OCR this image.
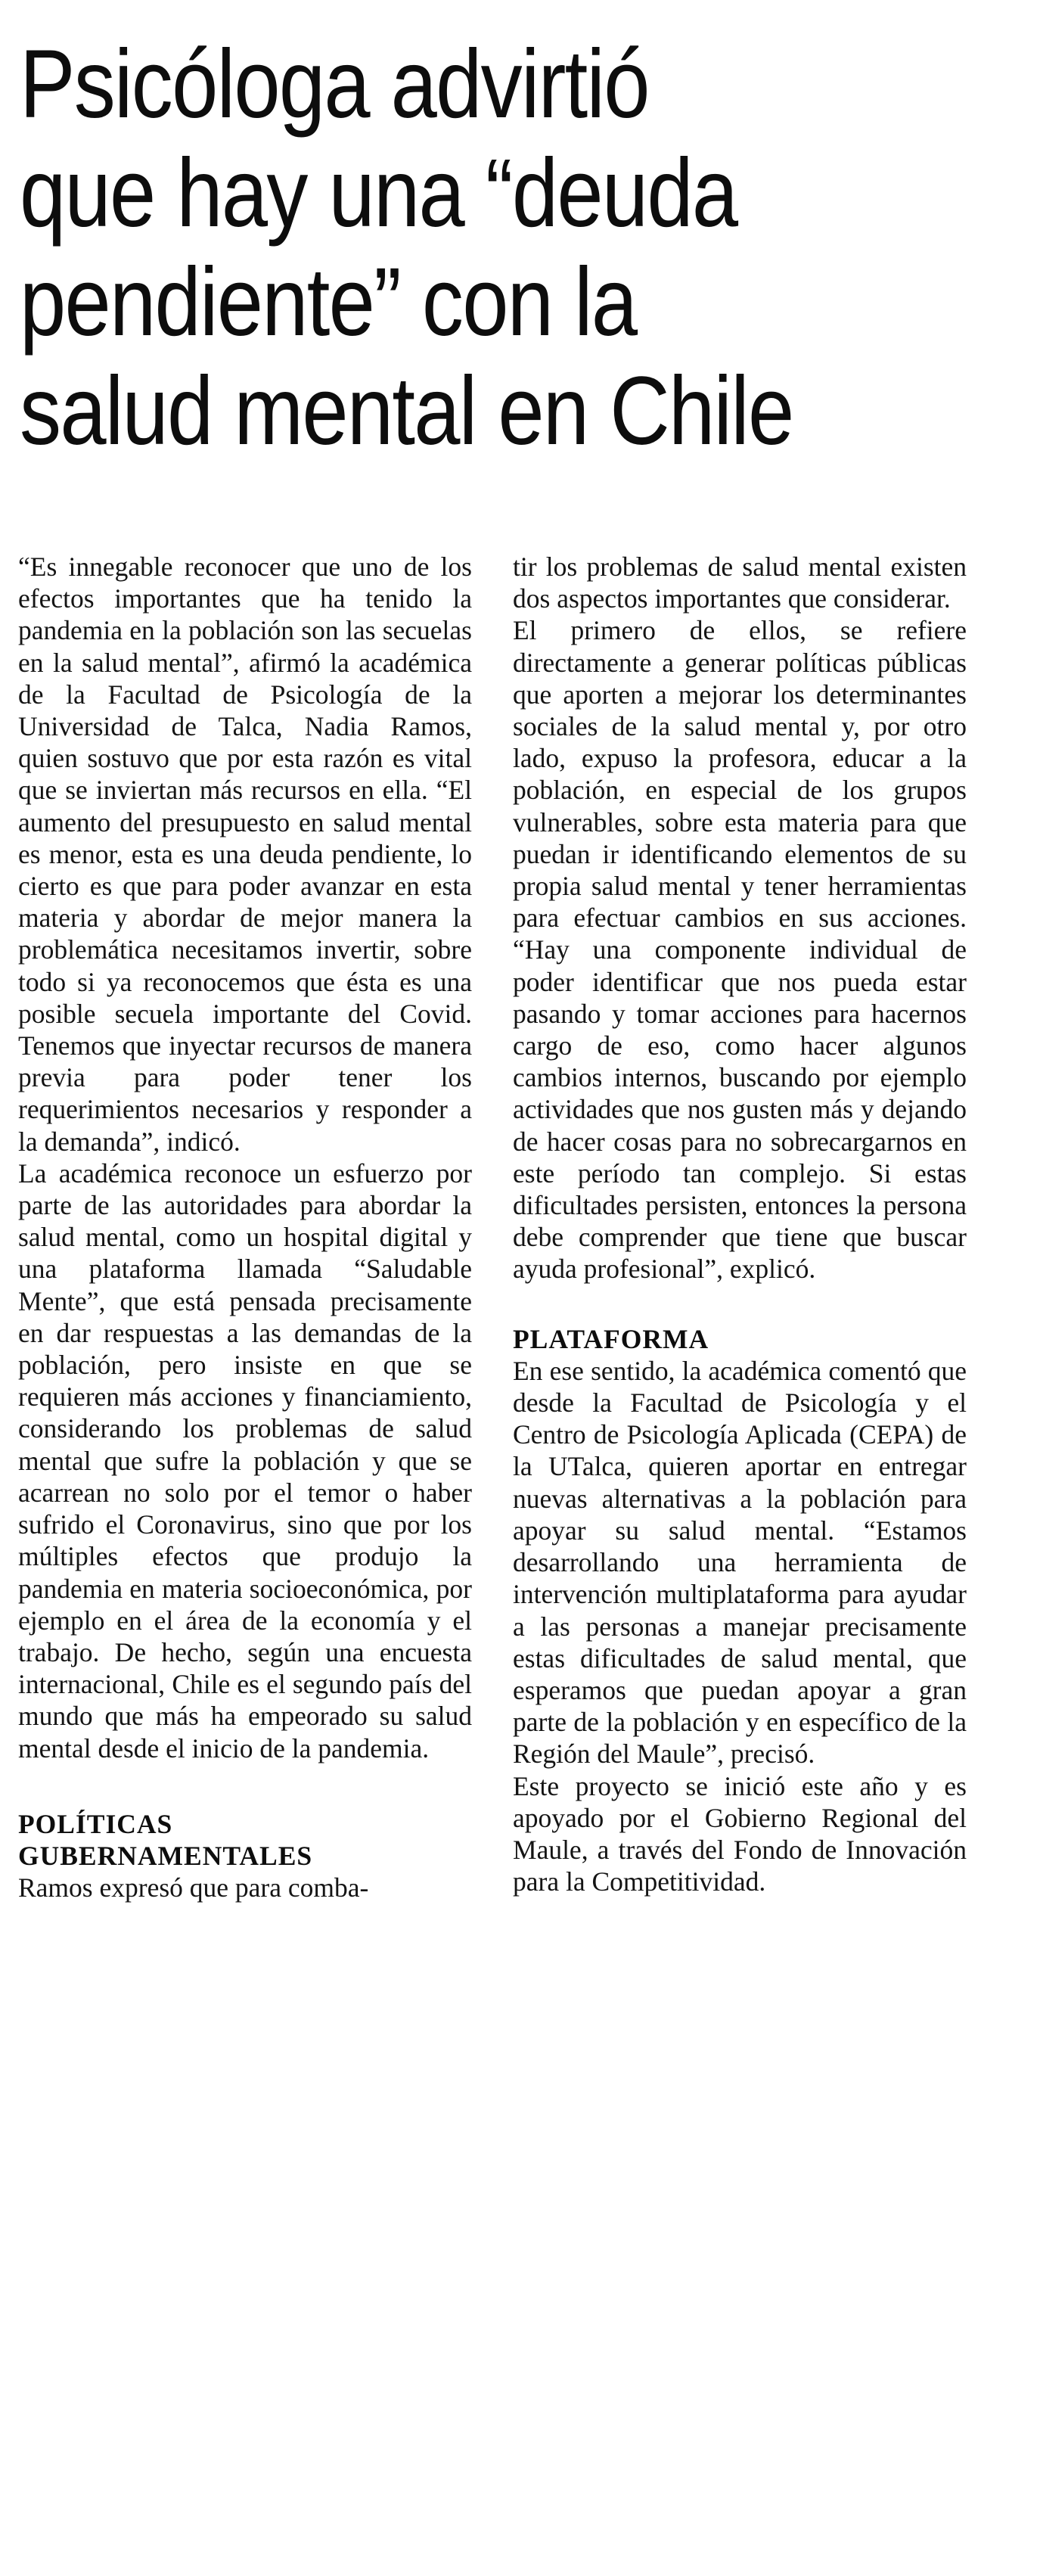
Psicóloga advirtió
que hay una “deuda
pendiente” con la
salud mental en Chile

“Es innegable reconocer que uno de los efectos importantes que ha tenido la pandemia en la población son las secuelas en la salud mental”, afirmó la académica de la Facultad de Psicología de la Universidad de Talca, Nadia Ramos, quien sostuvo que por esta razón es vital que se inviertan más recursos en ella. “El aumento del presupuesto en salud mental es menor, esta es una deuda pendiente, lo cierto es que para poder avanzar en esta materia y abordar de mejor manera la problemática necesitamos invertir, sobre todo si ya reconocemos que ésta es una posible secuela importante del Covid. Tenemos que inyectar recursos de manera previa para poder tener los requerimientos necesarios y responder a la demanda”, indicó.

La académica reconoce un esfuerzo por parte de las autoridades para abordar la salud mental, como un hospital digital y una plataforma llamada “Saludable Mente”, que está pensada precisamente en dar respuestas a las demandas de la población, pero insiste en que se requieren más acciones y financiamiento, considerando los problemas de salud mental que sufre la población y que se acarrean no solo por el temor o haber sufrido el Coronavirus, sino que por los múltiples efectos que produjo la pandemia en materia socioeconómica, por ejemplo en el área de la economía y el trabajo. De hecho, según una encuesta internacional, Chile es el segundo país del mundo que más ha empeorado su salud mental desde el inicio de la pandemia.

POLÍTICAS
GUBERNAMENTALES

Ramos expresó que para comba-

tir los problemas de salud mental existen dos aspectos importantes que considerar.

El primero de ellos, se refiere directamente a generar políticas públicas que aporten a mejorar los determinantes sociales de la salud mental y, por otro lado, expuso la profesora, educar a la población, en especial de los grupos vulnerables, sobre esta materia para que puedan ir identificando elementos de su propia salud mental y tener herramientas para efectuar cambios en sus acciones. “Hay una componente individual de poder identificar que nos pueda estar pasando y tomar acciones para hacernos cargo de eso, como hacer algunos cambios internos, buscando por ejemplo actividades que nos gusten más y dejando de hacer cosas para no sobrecargarnos en este período tan complejo. Si estas dificultades persisten, entonces la persona debe comprender que tiene que buscar ayuda profesional”, explicó.

PLATAFORMA

En ese sentido, la académica comentó que desde la Facultad de Psicología y el Centro de Psicología Aplicada (CEPA) de la UTalca, quieren aportar en entregar nuevas alternativas a la población para apoyar su salud mental. “Estamos desarrollando una herramienta de intervención multiplataforma para ayudar a las personas a manejar precisamente estas dificultades de salud mental, que esperamos que puedan apoyar a gran parte de la población y en específico de la Región del Maule”, precisó.

Este proyecto se inició este año y es apoyado por el Gobierno Regional del Maule, a través del Fondo de Innovación para la Competitividad.
